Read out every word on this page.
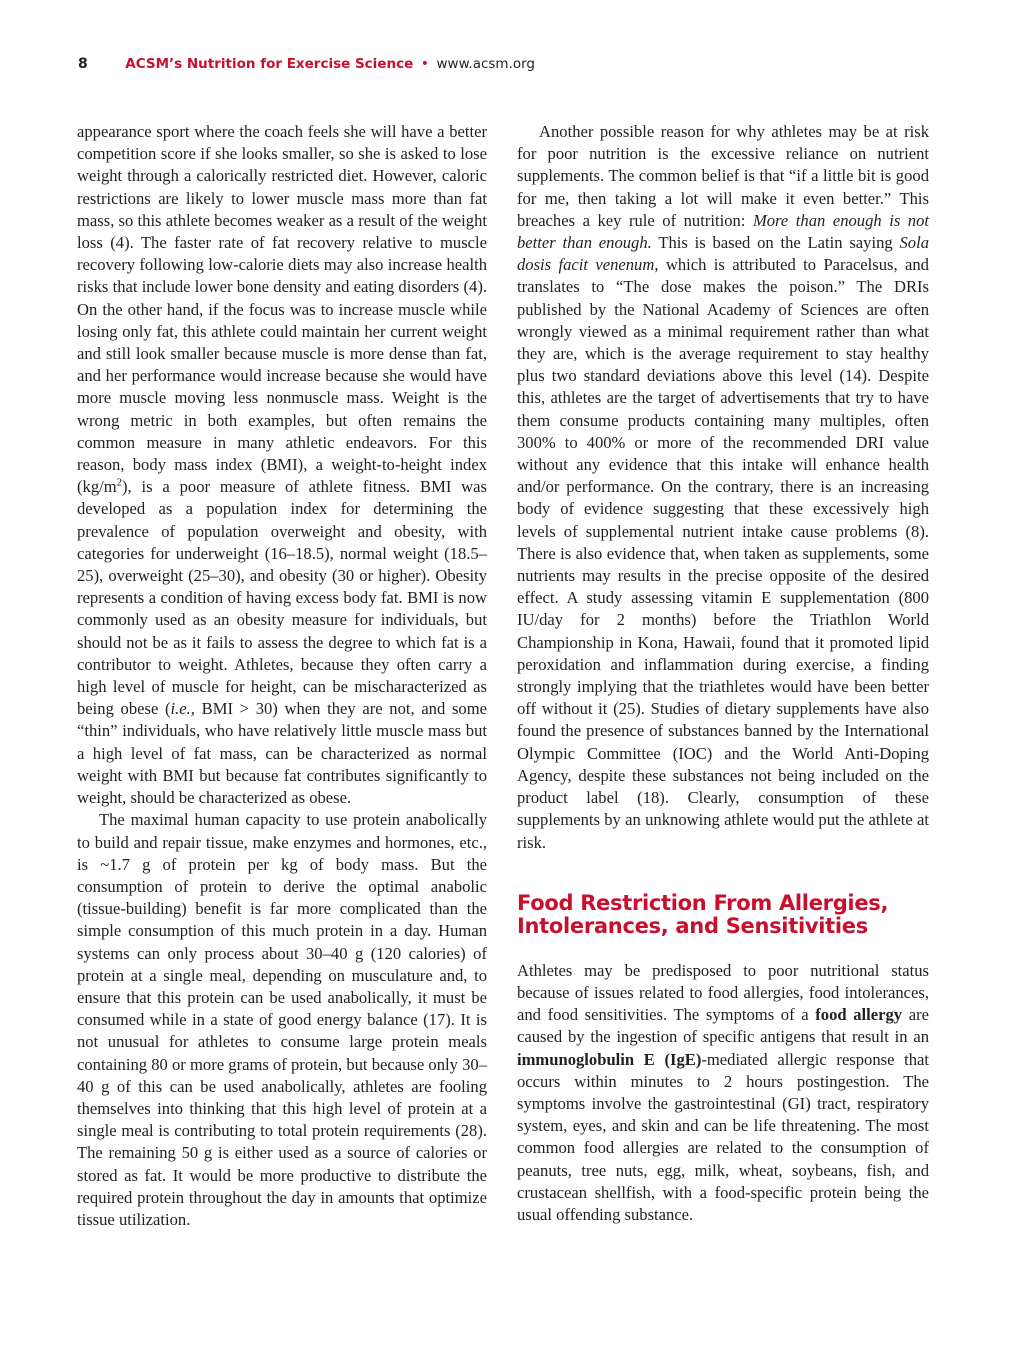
8	ACSM’s Nutrition for Exercise Science • www.acsm.org

appearance sport where the coach feels she will have a better competition score if she looks smaller, so she is asked to lose weight through a calorically restricted diet. However, caloric restrictions are likely to lower muscle mass more than fat mass, so this athlete becomes weaker as a result of the weight loss (4). The faster rate of fat recovery relative to muscle recovery following low-calorie diets may also increase health risks that include lower bone density and eating disorders (4). On the other hand, if the focus was to increase muscle while losing only fat, this athlete could maintain her current weight and still look smaller because muscle is more dense than fat, and her performance would increase because she would have more muscle moving less nonmuscle mass. Weight is the wrong metric in both examples, but often remains the common measure in many athletic endeavors. For this reason, body mass index (BMI), a weight-to-height index $(kg/m^2)$, is a poor measure of athlete fitness. BMI was developed as a population index for determining the prevalence of population overweight and obesity, with categories for underweight (16–18.5), normal weight (18.5–25), overweight (25–30), and obesity (30 or higher). Obesity represents a condition of having excess body fat. BMI is now commonly used as an obesity measure for individuals, but should not be as it fails to assess the degree to which fat is a contributor to weight. Athletes, because they often carry a high level of muscle for height, can be mischaracterized as being obese (i.e., BMI > 30) when they are not, and some “thin” individuals, who have relatively little muscle mass but a high level of fat mass, can be characterized as normal weight with BMI but because fat contributes significantly to weight, should be characterized as obese.

The maximal human capacity to use protein anabolically to build and repair tissue, make enzymes and hormones, etc., is ~1.7 g of protein per kg of body mass. But the consumption of protein to derive the optimal anabolic (tissue-building) benefit is far more complicated than the simple consumption of this much protein in a day. Human systems can only process about 30–40 g (120 calories) of protein at a single meal, depending on musculature and, to ensure that this protein can be used anabolically, it must be consumed while in a state of good energy balance (17). It is not unusual for athletes to consume large protein meals containing 80 or more grams of protein, but because only 30–40 g of this can be used anabolically, athletes are fooling themselves into thinking that this high level of protein at a single meal is contributing to total protein requirements (28). The remaining 50 g is either used as a source of calories or stored as fat. It would be more productive to distribute the required protein throughout the day in amounts that optimize tissue utilization.

Another possible reason for why athletes may be at risk for poor nutrition is the excessive reliance on nutrient supplements. The common belief is that “if a little bit is good for me, then taking a lot will make it even better.” This breaches a key rule of nutrition: More than enough is not better than enough. This is based on the Latin saying Sola dosis facit venenum, which is attributed to Paracelsus, and translates to “The dose makes the poison.” The DRIs published by the National Academy of Sciences are often wrongly viewed as a minimal requirement rather than what they are, which is the average requirement to stay healthy plus two standard deviations above this level (14). Despite this, athletes are the target of advertisements that try to have them consume products containing many multiples, often 300% to 400% or more of the recommended DRI value without any evidence that this intake will enhance health and/or performance. On the contrary, there is an increasing body of evidence suggesting that these excessively high levels of supplemental nutrient intake cause problems (8). There is also evidence that, when taken as supplements, some nutrients may results in the precise opposite of the desired effect. A study assessing vitamin E supplementation (800 IU/day for 2 months) before the Triathlon World Championship in Kona, Hawaii, found that it promoted lipid peroxidation and inflammation during exercise, a finding strongly implying that the triathletes would have been better off without it (25). Studies of dietary supplements have also found the presence of substances banned by the International Olympic Committee (IOC) and the World Anti-Doping Agency, despite these substances not being included on the product label (18). Clearly, consumption of these supplements by an unknowing athlete would put the athlete at risk.

Food Restriction From Allergies, Intolerances, and Sensitivities

Athletes may be predisposed to poor nutritional status because of issues related to food allergies, food intolerances, and food sensitivities. The symptoms of a food allergy are caused by the ingestion of specific antigens that result in an immunoglobulin E (IgE)-mediated allergic response that occurs within minutes to 2 hours postingestion. The symptoms involve the gastrointestinal (GI) tract, respiratory system, eyes, and skin and can be life threatening. The most common food allergies are related to the consumption of peanuts, tree nuts, egg, milk, wheat, soybeans, fish, and crustacean shellfish, with a food-specific protein being the usual offending substance.
